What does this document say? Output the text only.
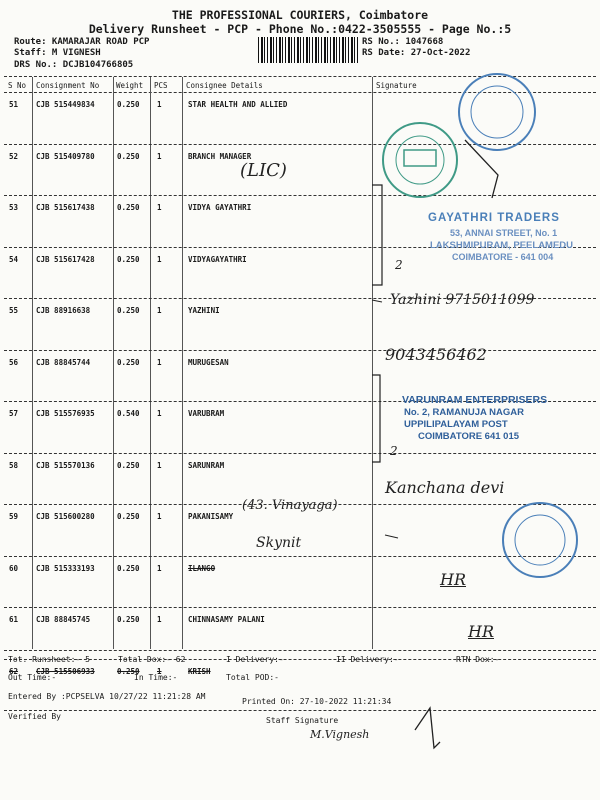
THE PROFESSIONAL COURIERS, Coimbatore
Delivery Runsheet - PCP - Phone No.:0422-3505555 - Page No.:5
Route: KAMARAJAR ROAD PCP
Staff: M VIGNESH
DRS No.: DCJB104766805
RS No.: 1047668
RS Date: 27-Oct-2022
S No Consignment No Weight PCS Consignee Details	Signature
51 CJB 515449834	0.250 1	STAR HEALTH AND ALLIED
52 CJB 515409780	0.250 1	BRANCH MANAGER
53 CJB 515617438	0.250 1	VIDYA GAYATHRI
54 CJB 515617428	0.250 1	VIDYAGAYATHRI
55 CJB 88916638	0.250 1	YAZHINI
56 CJB 88845744	0.250 1	MURUGESAN
57 CJB 515576935	0.540 1	VARUBRAM
58 CJB 515570136	0.250 1	SARUNRAM
59 CJB 515600280	0.250 1	PAKANISAMY
60 CJB 515333193	0.250 1	ILANGO
61 CJB 88845745	0.250 1	CHINNASAMY PALANI
62 CJB 515506933	0.250 1	KRISH
(LIC)
(43. Vinayaga)
Skynit
Yazhini 9715011099
9043456462
Kanchana devi
HR
HR
2
2
GAYATHRI TRADERS
53, ANNAI STREET, No. 1
LAKSHMIPURAM, PEELAMEDU
COIMBATORE - 641 004
VARUNRAM ENTERPRISERS
No. 2, RAMANUJA NAGAR
UPPILIPALAYAM POST
COIMBATORE 641 015
Tot. Runsheet:- 5	Total Dox:- 62	I Delivery:-	II Delivery:-	RTN Dox:-
Out Time:-	In Time:-	Total POD:-
Entered By :PCPSELVA 10/27/22 11:21:28 AM
Printed On: 27-10-2022 11:21:34
Verified By	Staff Signature
M.Vignesh
